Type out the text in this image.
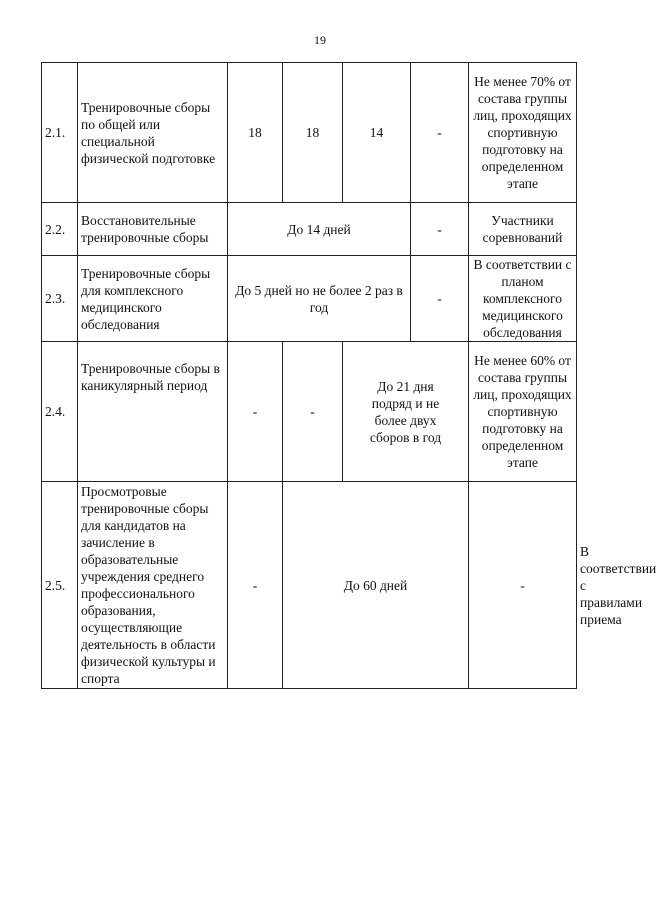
19
2.1.	Тренировочные сборы по общей или специальной физической подготовке	18	18	14	-	Не менее 70% от состава группы лиц, проходящих спортивную подготовку на определенном этапе	
2.2.	Восстановительные тренировочные сборы	До 14 дней			-	Участники соревнований	
2.3.	Тренировочные сборы для комплексного медицинского обследования	До 5 дней но не более 2 раз в год			-	В соответствии с планом комплексного медицинского обследования	
2.4.	Тренировочные сборы в каникулярный период	-	-	До 21 дня подряд и не более двух сборов в год		Не менее 60% от состава группы лиц, проходящих спортивную подготовку на определенном этапе	
2.5.	Просмотровые тренировочные сборы для кандидатов на зачисление в образовательные учреждения среднего профессионального образования, осуществляющие деятельность в области физической культуры и спорта	-	До 60 дней			-	В соответствии с правилами приема
